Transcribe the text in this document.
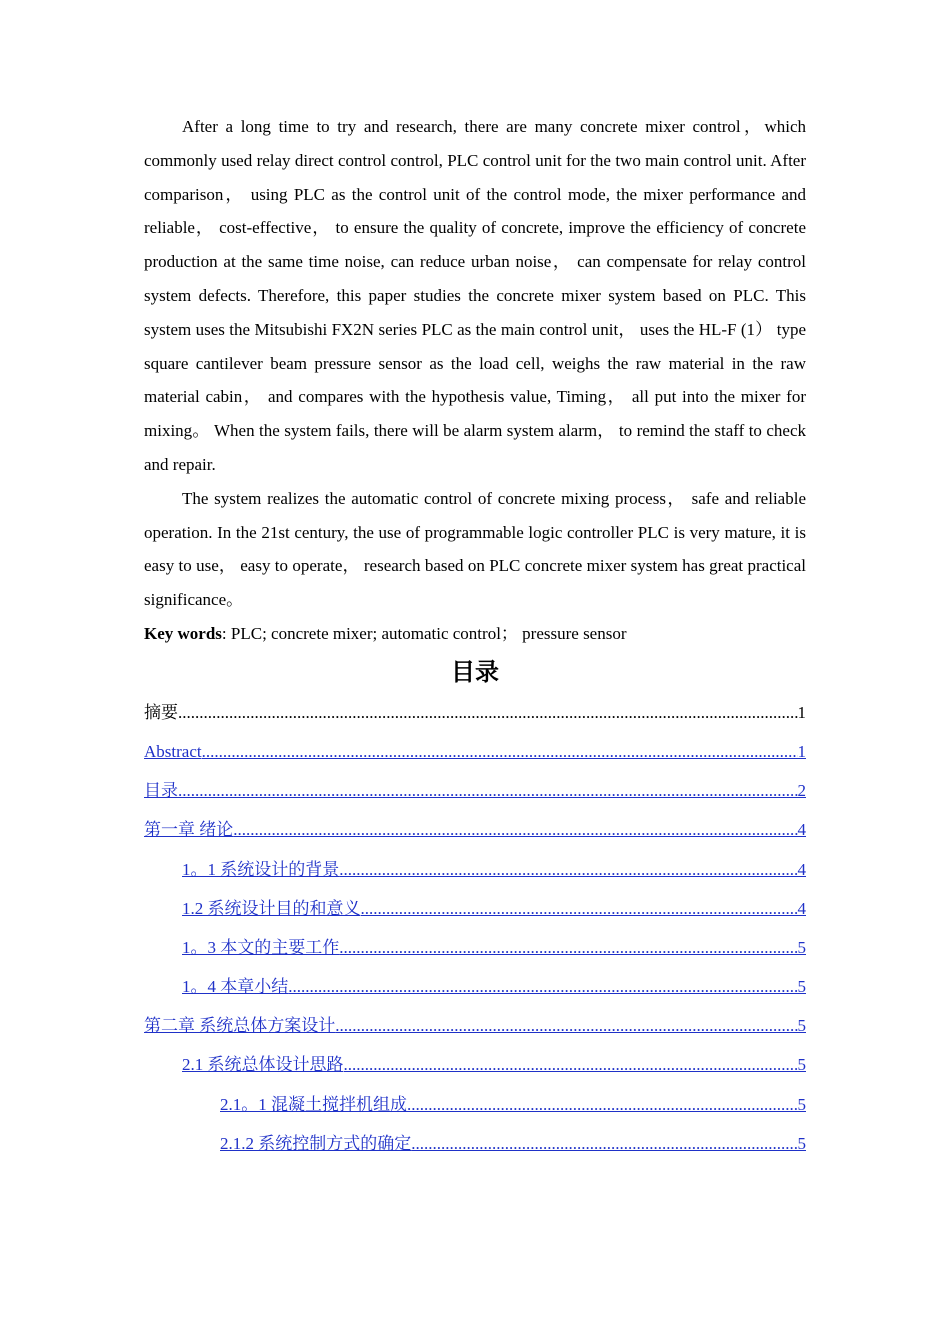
After a long time to try and research, there are many concrete mixer control，which commonly used relay direct control control, PLC control unit for the two main control unit. After comparison， using PLC as the control unit of the control mode, the mixer performance and reliable， cost-effective， to ensure the quality of concrete, improve the efficiency of concrete production at the same time noise, can reduce urban noise， can compensate for relay control system defects. Therefore, this paper studies the concrete mixer system based on PLC. This system uses the Mitsubishi FX2N series PLC as the main control unit， uses the HL-F (1） type square cantilever beam pressure sensor as the load cell, weighs the raw material in the raw material cabin， and compares with the hypothesis value, Timing， all put into the mixer for mixing。 When the system fails, there will be alarm system alarm， to remind the staff to check and repair.

The system realizes the automatic control of concrete mixing process， safe and reliable operation. In the 21st century, the use of programmable logic controller PLC is very mature, it is easy to use， easy to operate， research based on PLC concrete mixer system has great practical significance。

Key words: PLC; concrete mixer; automatic control； pressure sensor

目录
摘要 .....	1
Abstract .....	1
目录 .....	2
第一章 绪论 .....	4
1。1 系统设计的背景 .....	4
1.2 系统设计目的和意义 .....	4
1。3 本文的主要工作 .....	5
1。4 本章小结 .....	5
第二章 系统总体方案设计 .....	5
2.1 系统总体设计思路 .....	5
2.1。1 混凝土搅拌机组成 .....	5
2.1.2 系统控制方式的确定 .....	5
